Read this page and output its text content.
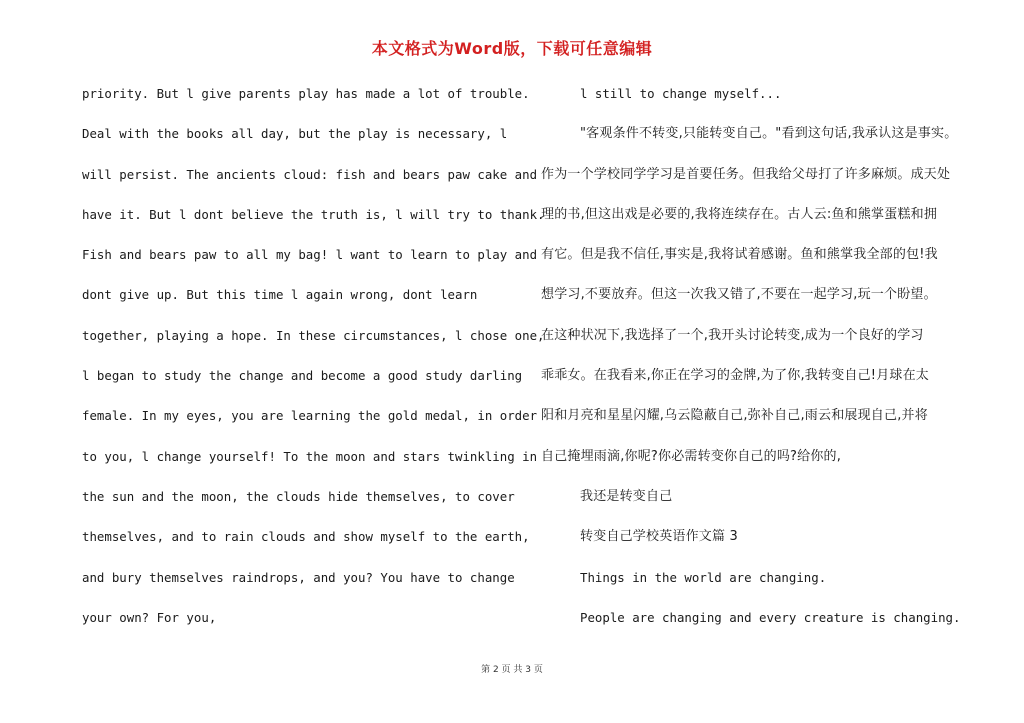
本文格式为Word版，下载可任意编辑
priority. But l give parents play has made a lot of trouble.
Deal with the books all day, but the play is necessary, l
will persist. The ancients cloud: fish and bears paw cake and
have it. But l dont believe the truth is, l will try to thank.
Fish and bears paw to all my bag! l want to learn to play and
dont give up. But this time l again wrong, dont learn
together, playing a hope. In these circumstances, l chose one,
l began to study the change and become a good study darling
female. In my eyes, you are learning the gold medal, in order
to you, l change yourself! To the moon and stars twinkling in
the sun and the moon, the clouds hide themselves, to cover
themselves, and to rain clouds and show myself to the earth,
and bury themselves raindrops, and you? You have to change
your own? For you,
l still to change myself...
"客观条件不转变,只能转变自己。"看到这句话,我承认这是事实。
作为一个学校同学学习是首要任务。但我给父母打了许多麻烦。成天处
理的书,但这出戏是必要的,我将连续存在。古人云:鱼和熊掌蛋糕和拥
有它。但是我不信任,事实是,我将试着感谢。鱼和熊掌我全部的包!我
想学习,不要放弃。但这一次我又错了,不要在一起学习,玩一个盼望。
在这种状况下,我选择了一个,我开头讨论转变,成为一个良好的学习
乖乖女。在我看来,你正在学习的金牌,为了你,我转变自己!月球在太
阳和月亮和星星闪耀,乌云隐蔽自己,弥补自己,雨云和展现自己,并将
自己掩埋雨滴,你呢?你必需转变你自己的吗?给你的,
我还是转变自己
转变自己学校英语作文篇 3
Things in the world are changing.
People are changing and every creature is changing.
第 2 页 共 3 页
